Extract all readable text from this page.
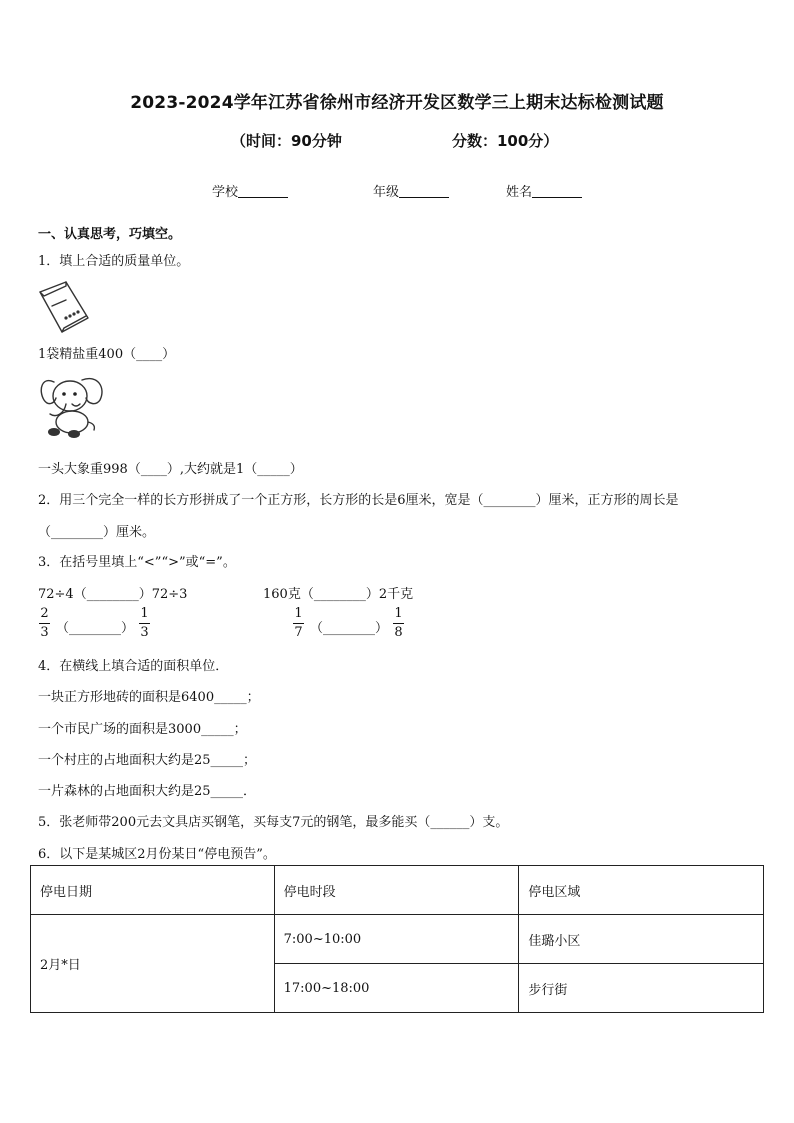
2023-2024学年江苏省徐州市经济开发区数学三上期末达标检测试题
（时间：90分钟	分数：100分）
学校	年级	姓名
一、认真思考，巧填空。
1．填上合适的质量单位。
1袋精盐重400（____）
一头大象重998（____）,大约就是1（_____）
2．用三个完全一样的长方形拼成了一个正方形，长方形的长是6厘米，宽是（________）厘米，正方形的周长是
（________）厘米。
3．在括号里填上“<”“>”或“=”。
72÷4（________）72÷3	160克（________）2千克
2
3 （________）
1
3
1
7 （________）
1
8
4．在横线上填合适的面积单位．
一块正方形地砖的面积是6400_____；
一个市民广场的面积是3000_____；
一个村庄的占地面积大约是25_____；
一片森林的占地面积大约是25_____．
5．张老师带200元去文具店买钢笔，买每支7元的钢笔，最多能买（______）支。
6．以下是某城区2月份某日“停电预告”。
停电日期	停电时段	停电区域
2月*日	7:00~10:00	佳璐小区
	17:00~18:00	步行街
